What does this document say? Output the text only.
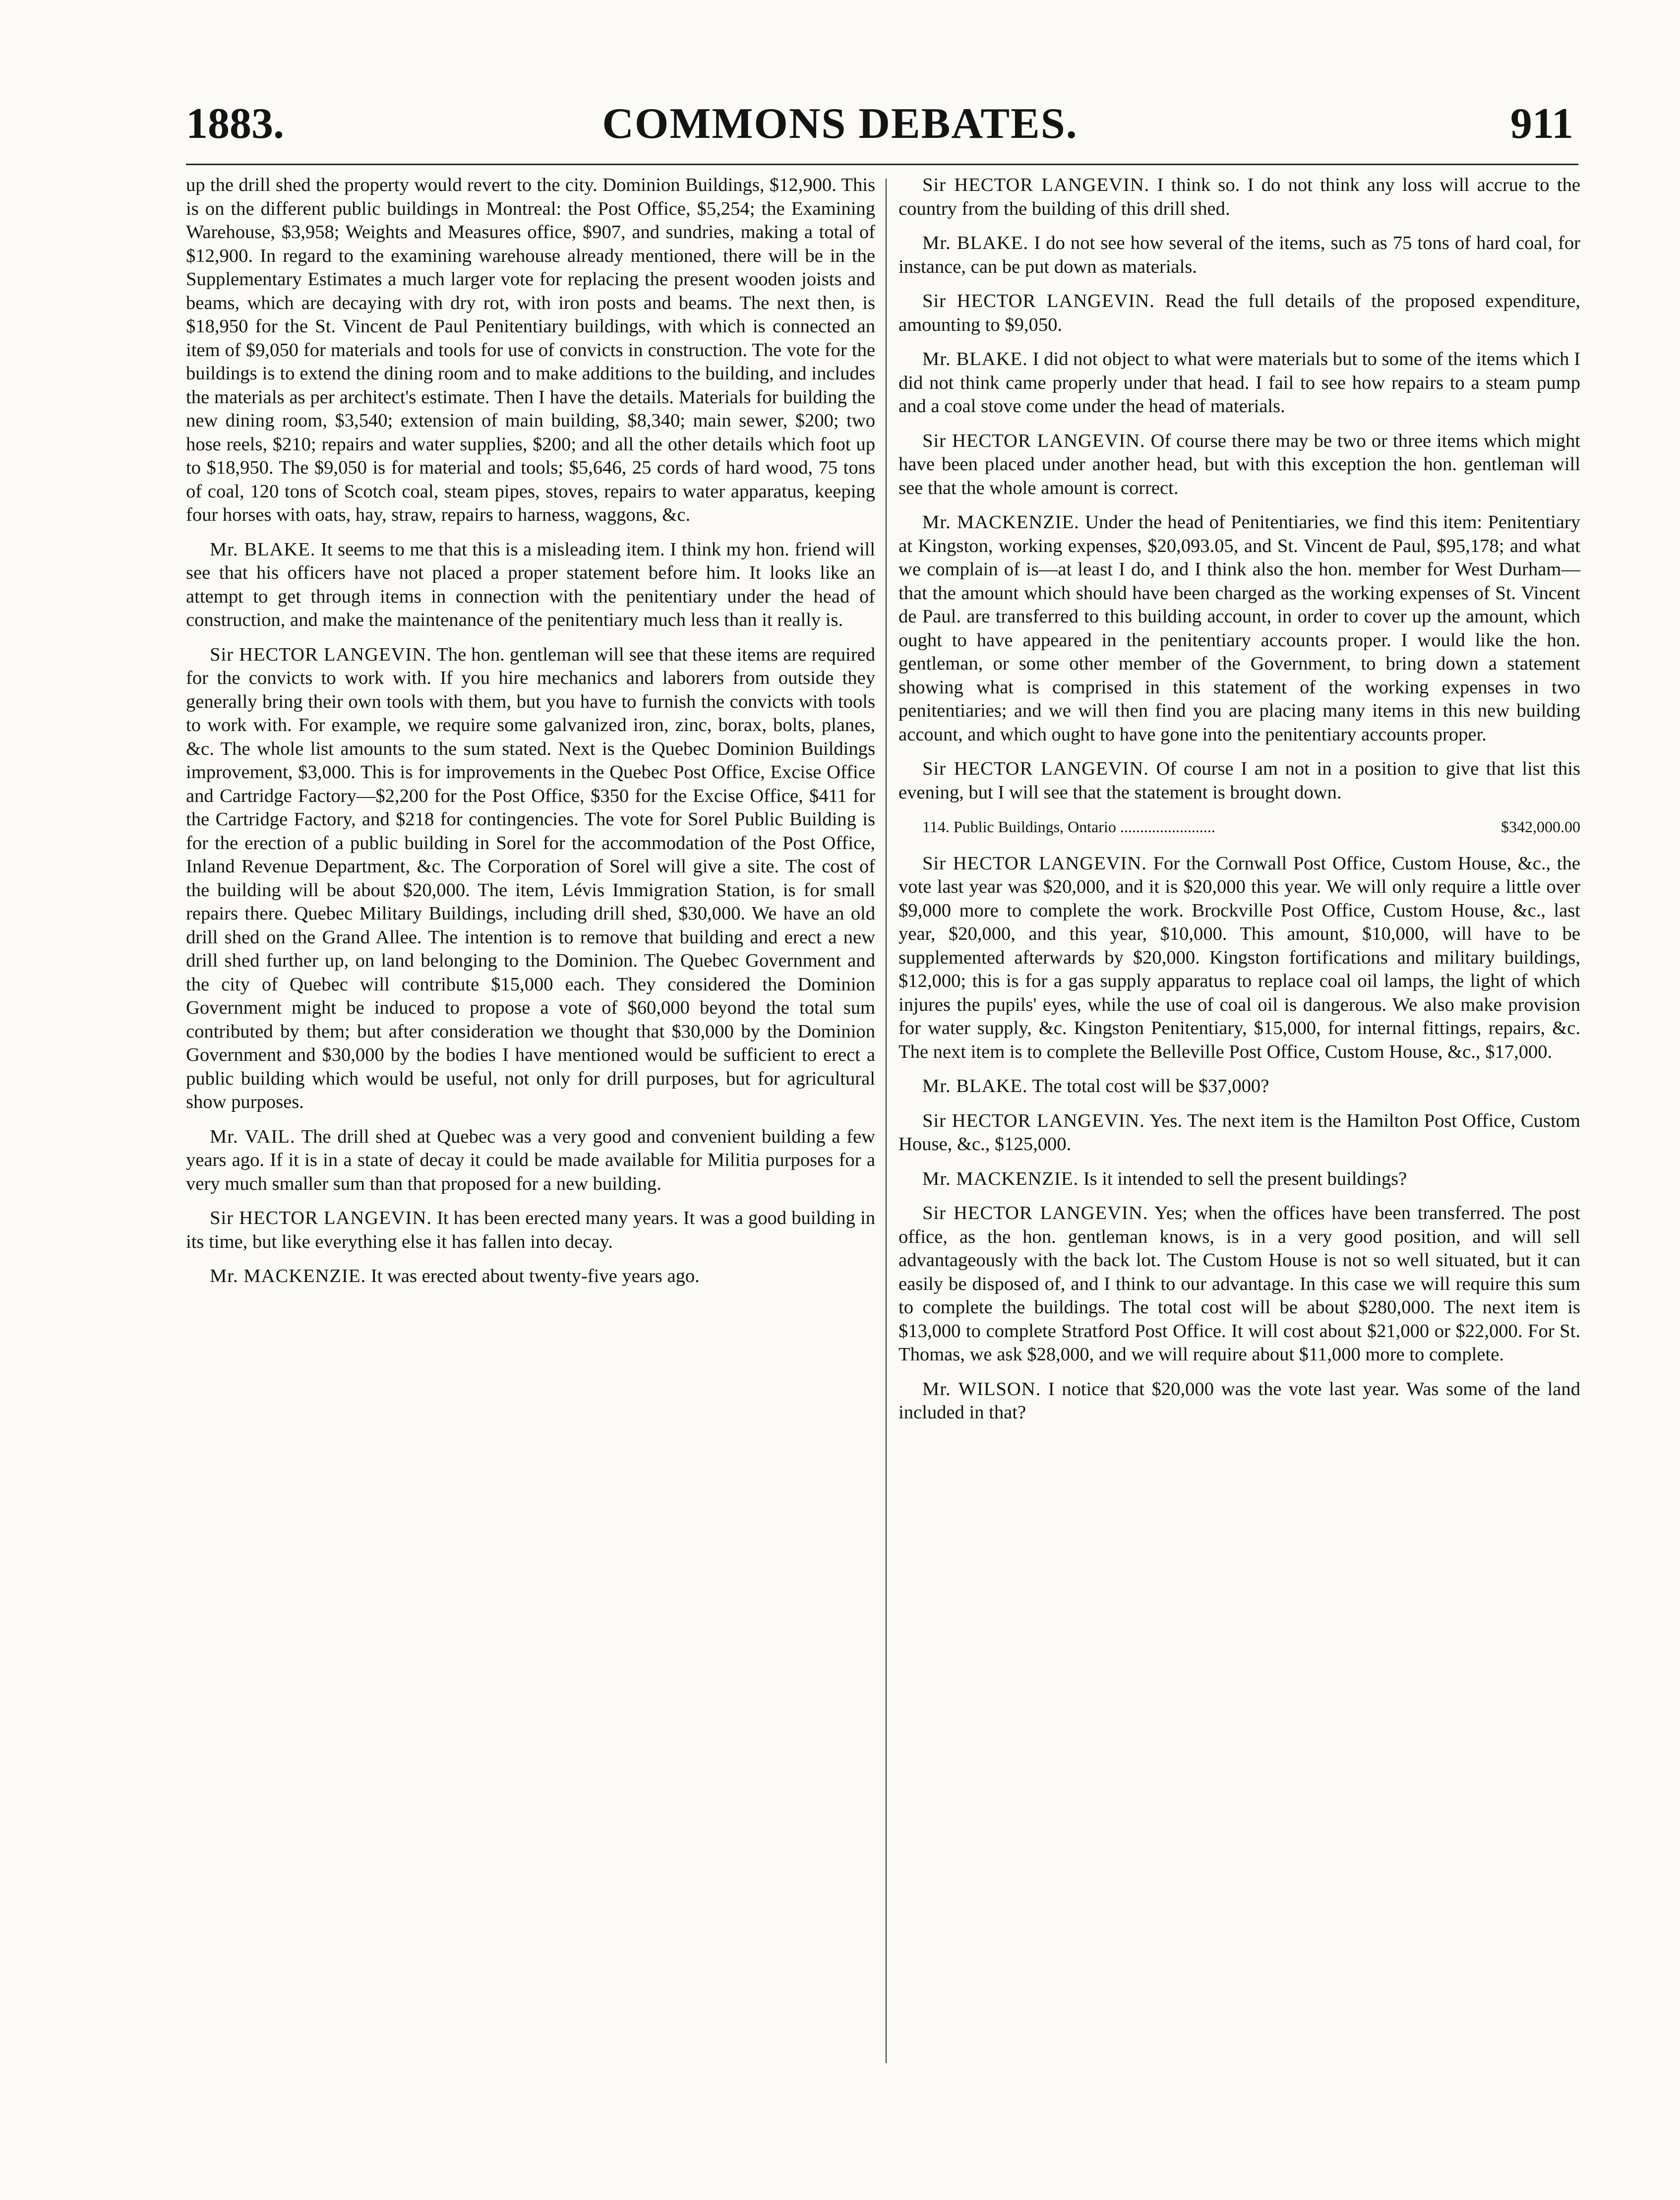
COMMONS DEBATES.
1883.	911

up the drill shed the property would revert to the city. Dominion Buildings, $12,900. This is on the different public buildings in Montreal: the Post Office, $5,254; the Examining Warehouse, $3,958; Weights and Measures office, $907, and sundries, making a total of $12,900. In regard to the examining warehouse already mentioned, there will be in the Supplementary Estimates a much larger vote for replacing the present wooden joists and beams, which are decaying with dry rot, with iron posts and beams. The next then, is $18,950 for the St. Vincent de Paul Penitentiary buildings, with which is connected an item of $9,050 for materials and tools for use of convicts in construction. The vote for the buildings is to extend the dining room and to make additions to the building, and includes the materials as per architect's estimate. Then I have the details. Materials for building the new dining room, $3,540; extension of main building, $8,340; main sewer, $200; two hose reels, $210; repairs and water supplies, $200; and all the other details which foot up to $18,950. The $9,050 is for material and tools; $5,646, 25 cords of hard wood, 75 tons of coal, 120 tons of Scotch coal, steam pipes, stoves, repairs to water apparatus, keeping four horses with oats, hay, straw, repairs to harness, waggons, &c.

Mr. BLAKE. It seems to me that this is a misleading item. I think my hon. friend will see that his officers have not placed a proper statement before him. It looks like an attempt to get through items in connection with the penitentiary under the head of construction, and make the maintenance of the penitentiary much less than it really is.

Sir HECTOR LANGEVIN. The hon. gentleman will see that these items are required for the convicts to work with. If you hire mechanics and laborers from outside they generally bring their own tools with them, but you have to furnish the convicts with tools to work with. For example, we require some galvanized iron, zinc, borax, bolts, planes, &c. The whole list amounts to the sum stated. Next is the Quebec Dominion Buildings improvement, $3,000. This is for improvements in the Quebec Post Office, Excise Office and Cartridge Factory—$2,200 for the Post Office, $350 for the Excise Office, $411 for the Cartridge Factory, and $218 for contingencies. The vote for Sorel Public Building is for the erection of a public building in Sorel for the accommodation of the Post Office, Inland Revenue Department, &c. The Corporation of Sorel will give a site. The cost of the building will be about $20,000. The item, Lévis Immigration Station, is for small repairs there. Quebec Military Buildings, including drill shed, $30,000. We have an old drill shed on the Grand Allee. The intention is to remove that building and erect a new drill shed further up, on land belonging to the Dominion. The Quebec Government and the city of Quebec will contribute $15,000 each. They considered the Dominion Government might be induced to propose a vote of $60,000 beyond the total sum contributed by them; but after consideration we thought that $30,000 by the Dominion Government and $30,000 by the bodies I have mentioned would be sufficient to erect a public building which would be useful, not only for drill purposes, but for agricultural show purposes.

Mr. VAIL. The drill shed at Quebec was a very good and convenient building a few years ago. If it is in a state of decay it could be made available for Militia purposes for a very much smaller sum than that proposed for a new building.

Sir HECTOR LANGEVIN. It has been erected many years. It was a good building in its time, but like everything else it has fallen into decay.

Mr. MACKENZIE. It was erected about twenty-five years ago.

Sir HECTOR LANGEVIN. I think so. I do not think any loss will accrue to the country from the building of this drill shed.

Mr. BLAKE. I do not see how several of the items, such as 75 tons of hard coal, for instance, can be put down as materials.

Sir HECTOR LANGEVIN. Read the full details of the proposed expenditure, amounting to $9,050.

Mr. BLAKE. I did not object to what were materials but to some of the items which I did not think came properly under that head. I fail to see how repairs to a steam pump and a coal stove come under the head of materials.

Sir HECTOR LANGEVIN. Of course there may be two or three items which might have been placed under another head, but with this exception the hon. gentleman will see that the whole amount is correct.

Mr. MACKENZIE. Under the head of Penitentiaries, we find this item: Penitentiary at Kingston, working expenses, $20,093.05, and St. Vincent de Paul, $95,178; and what we complain of is—at least I do, and I think also the hon. member for West Durham—that the amount which should have been charged as the working expenses of St. Vincent de Paul. are transferred to this building account, in order to cover up the amount, which ought to have appeared in the penitentiary accounts proper. I would like the hon. gentleman, or some other member of the Government, to bring down a statement showing what is comprised in this statement of the working expenses in two penitentiaries; and we will then find you are placing many items in this new building account, and which ought to have gone into the penitentiary accounts proper.

Sir HECTOR LANGEVIN. Of course I am not in a position to give that list this evening, but I will see that the statement is brought down.

114. Public Buildings, Ontario ........................	$342,000.00

Sir HECTOR LANGEVIN. For the Cornwall Post Office, Custom House, &c., the vote last year was $20,000, and it is $20,000 this year. We will only require a little over $9,000 more to complete the work. Brockville Post Office, Custom House, &c., last year, $20,000, and this year, $10,000. This amount, $10,000, will have to be supplemented afterwards by $20,000. Kingston fortifications and military buildings, $12,000; this is for a gas supply apparatus to replace coal oil lamps, the light of which injures the pupils' eyes, while the use of coal oil is dangerous. We also make provision for water supply, &c. Kingston Penitentiary, $15,000, for internal fittings, repairs, &c. The next item is to complete the Belleville Post Office, Custom House, &c., $17,000.

Mr. BLAKE. The total cost will be $37,000?

Sir HECTOR LANGEVIN. Yes. The next item is the Hamilton Post Office, Custom House, &c., $125,000.

Mr. MACKENZIE. Is it intended to sell the present buildings?

Sir HECTOR LANGEVIN. Yes; when the offices have been transferred. The post office, as the hon. gentleman knows, is in a very good position, and will sell advantageously with the back lot. The Custom House is not so well situated, but it can easily be disposed of, and I think to our advantage. In this case we will require this sum to complete the buildings. The total cost will be about $280,000. The next item is $13,000 to complete Stratford Post Office. It will cost about $21,000 or $22,000. For St. Thomas, we ask $28,000, and we will require about $11,000 more to complete.

Mr. WILSON. I notice that $20,000 was the vote last year. Was some of the land included in that?
